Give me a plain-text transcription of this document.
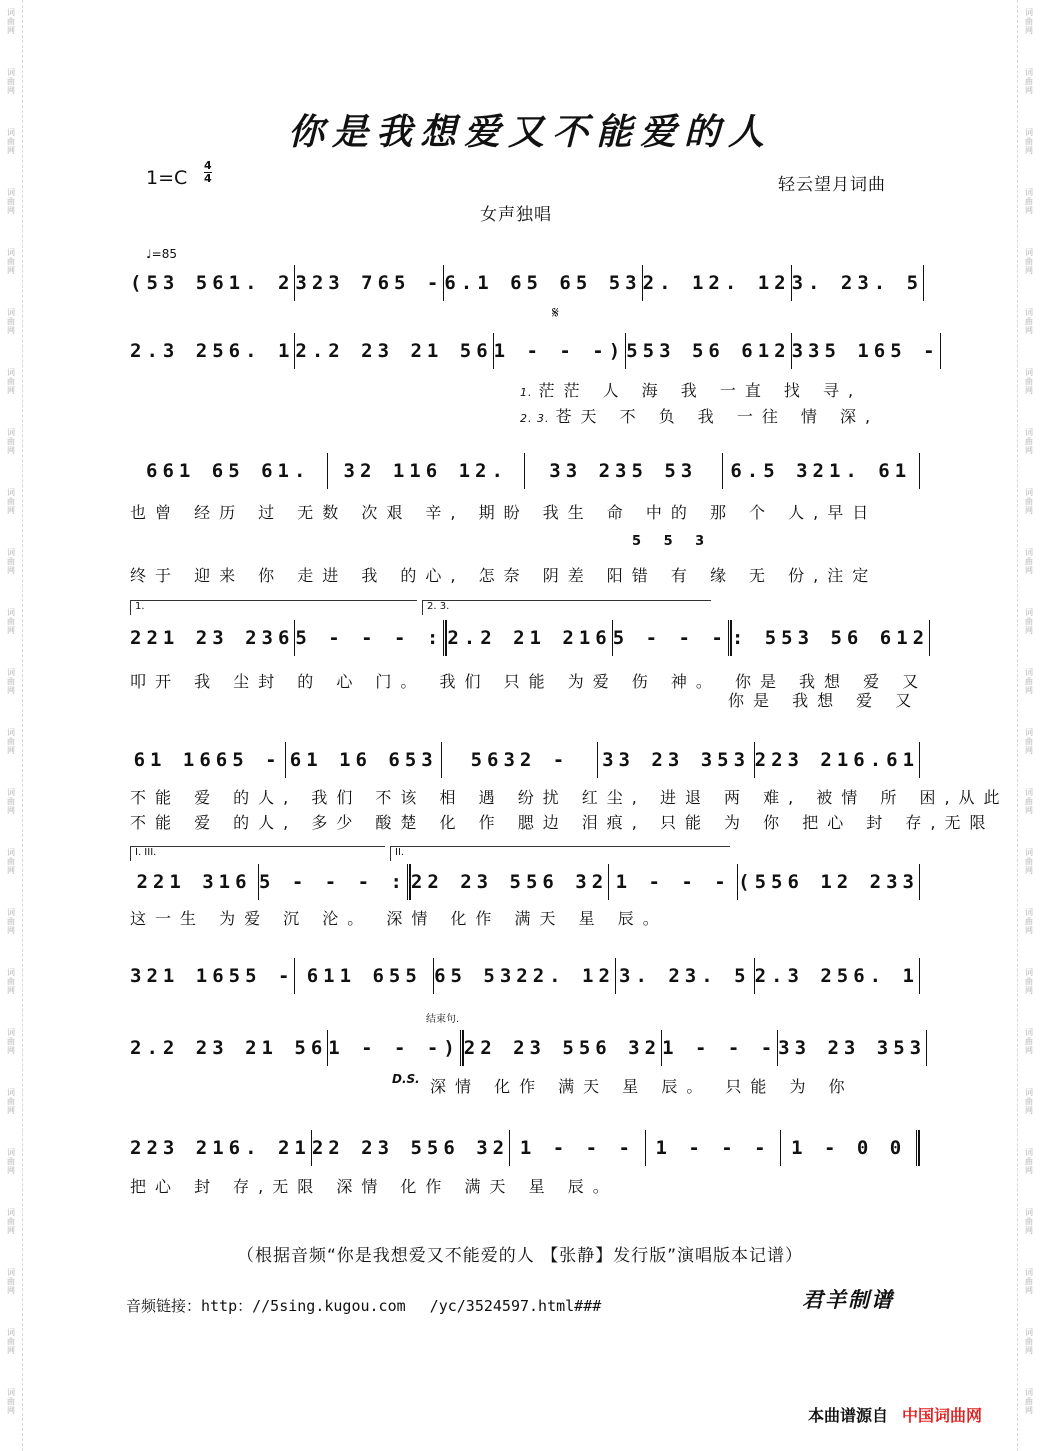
词曲网
词曲网
词曲网
词曲网
词曲网
词曲网
词曲网
词曲网
词曲网
词曲网
词曲网
词曲网
词曲网
词曲网
词曲网
词曲网
词曲网
词曲网
词曲网
词曲网
词曲网
词曲网
词曲网
词曲网
词曲网
词曲网
词曲网
词曲网
词曲网
词曲网
词曲网
词曲网
词曲网
词曲网
词曲网
词曲网
词曲网
词曲网
词曲网
词曲网
词曲网
词曲网
词曲网
词曲网
词曲网
词曲网
词曲网
词曲网
你是我想爱又不能爱的人
1=C
4
4	轻云望月词曲
女声独唱
♩=85
𝄋
(53 561. 2 323 765 - 6.1 65 65 53 2. 12. 12 3. 23. 5
2.3 256. 1 2.2 23 21 56 1 - - -) 553 56 612 335 165 -
1. 茫茫 人 海 我 一直 找 寻,
2. 3. 苍天 不 负 我 一往 情 深,
661 65 61.	32 116 12.	33 235 53	6.5 321. 61
也曾 经历 过 无数 次艰 辛, 期盼 我生 命 中的 那 个 人,早日
5 5 3
终于 迎来 你 走进 我 的心, 怎奈 阴差 阳错 有 缘 无 份,注定
1.	2. 3.
221 23 236 5 - - - : 2.2 21 216 5 - - - : 553 56 612
叩开 我 尘封 的 心 门。 我们 只能 为爱 伤 神。 你是 我想 爱 又
你是 我想 爱 又
61 1665 - 61 16 653	5632 -	33 23 353 223 216.61
不能 爱 的人, 我们 不该 相 遇 纷扰 红尘, 进退 两 难, 被情 所 困,从此
不能 爱 的人, 多少 酸楚 化 作 腮边 泪痕, 只能 为 你 把心 封 存,无限
I. III.	II.
221 316 5 - - - : 22 23 556 32 1 - - - (556 12 233
这一生 为爱 沉 沦。 深情 化作 满天 星 辰。
321 1655 - 611 655 65 5322. 12 3. 23. 5 2.3 256. 1
结束句.
2.2 23 21 56 1 - - -) 22 23 556 32 1 - - - 33 23 353
D.S. 深情 化作 满天 星 辰。 只能 为 你
223 216. 21 22 23 556 32 1 - - -	1 - - -	1 - 0 0
把心 封 存,无限 深情 化作 满天 星 辰。
（根据音频“你是我想爱又不能爱的人 【张静】发行版”演唱版本记谱）
音频链接：http：//5sing.kugou.com　 /yc/3524597.html###	君羊制谱
本曲谱源自 中国词曲网
